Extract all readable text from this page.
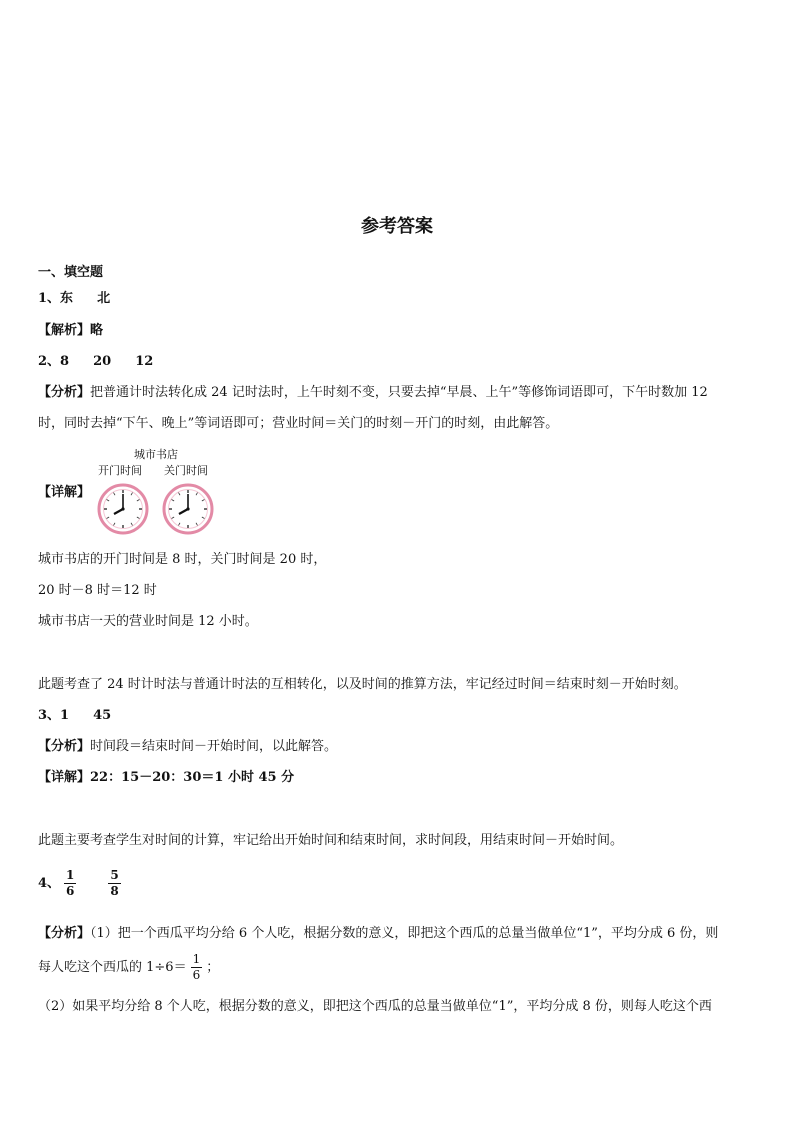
参考答案
一、填空题
1、东 北
【解析】略
2、8 20 12
【分析】把普通计时法转化成 24 记时法时，上午时刻不变，只要去掉“早晨、上午”等修饰词语即可，下午时数加 12
时，同时去掉“下午、晚上”等词语即可；营业时间＝关门的时刻－开门的时刻，由此解答。
【详解】
城市书店
开门时间 关门时间
城市书店的开门时间是 8 时，关门时间是 20 时，
20 时－8 时＝12 时
城市书店一天的营业时间是 12 小时。
此题考查了 24 时计时法与普通计时法的互相转化，以及时间的推算方法，牢记经过时间＝结束时刻－开始时刻。
3、1 45
【分析】时间段＝结束时间－开始时间，以此解答。
【详解】22：15－20：30＝1 小时 45 分
此题主要考查学生对时间的计算，牢记给出开始时间和结束时间，求时间段，用结束时间－开始时间。
4、 $\frac{1}{6}$	$\frac{5}{8}$
【分析】（1）把一个西瓜平均分给 6 个人吃，根据分数的意义，即把这个西瓜的总量当做单位“1”，平均分成 6 份，则
每人吃这个西瓜的 $1\div 6= \frac{1}{6}$ ；
（2）如果平均分给 8 个人吃，根据分数的意义，即把这个西瓜的总量当做单位“1”，平均分成 8 份，则每人吃这个西
